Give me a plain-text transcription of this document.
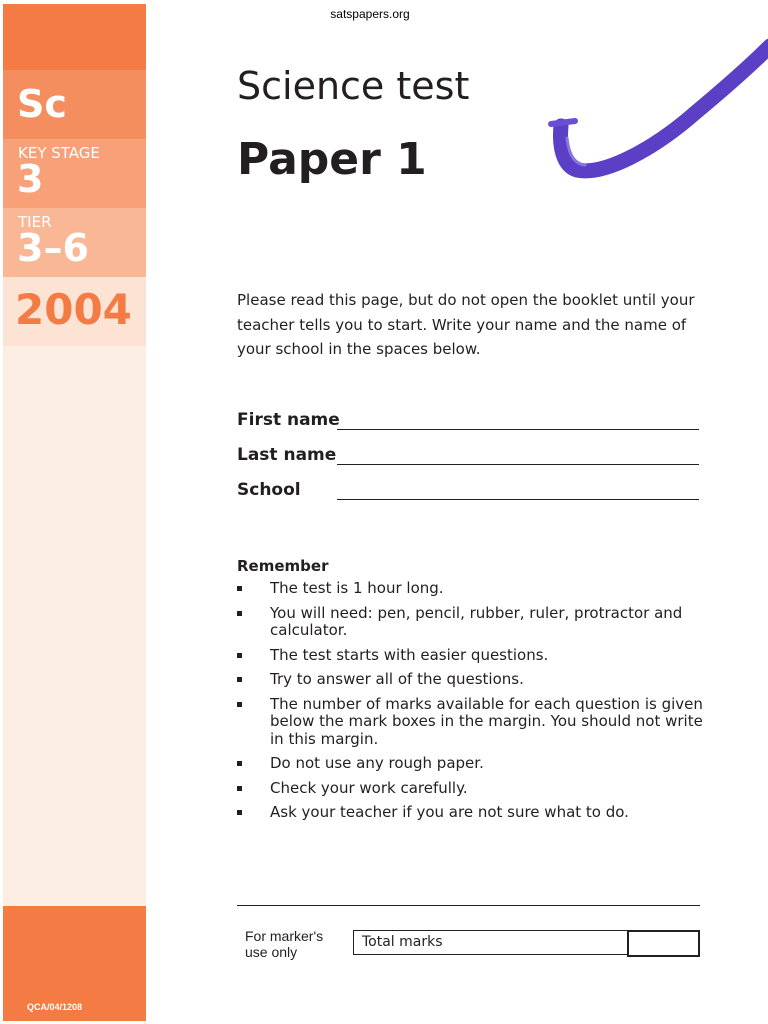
satspapers.org
Sc
KEY STAGE
3
TIER
3–6
2004
QCA/04/1208
Science test
Paper 1

Please read this page, but do not open the booklet until your teacher tells you to start. Write your name and the name of your school in the spaces below.

First name
Last name
School
Remember
The test is 1 hour long.
You will need: pen, pencil, rubber, ruler, protractor and calculator.
The test starts with easier questions.
Try to answer all of the questions.
The number of marks available for each question is given below the mark boxes in the margin. You should not write in this margin.
Do not use any rough paper.
Check your work carefully.
Ask your teacher if you are not sure what to do.
For marker's
use only
Total marks
